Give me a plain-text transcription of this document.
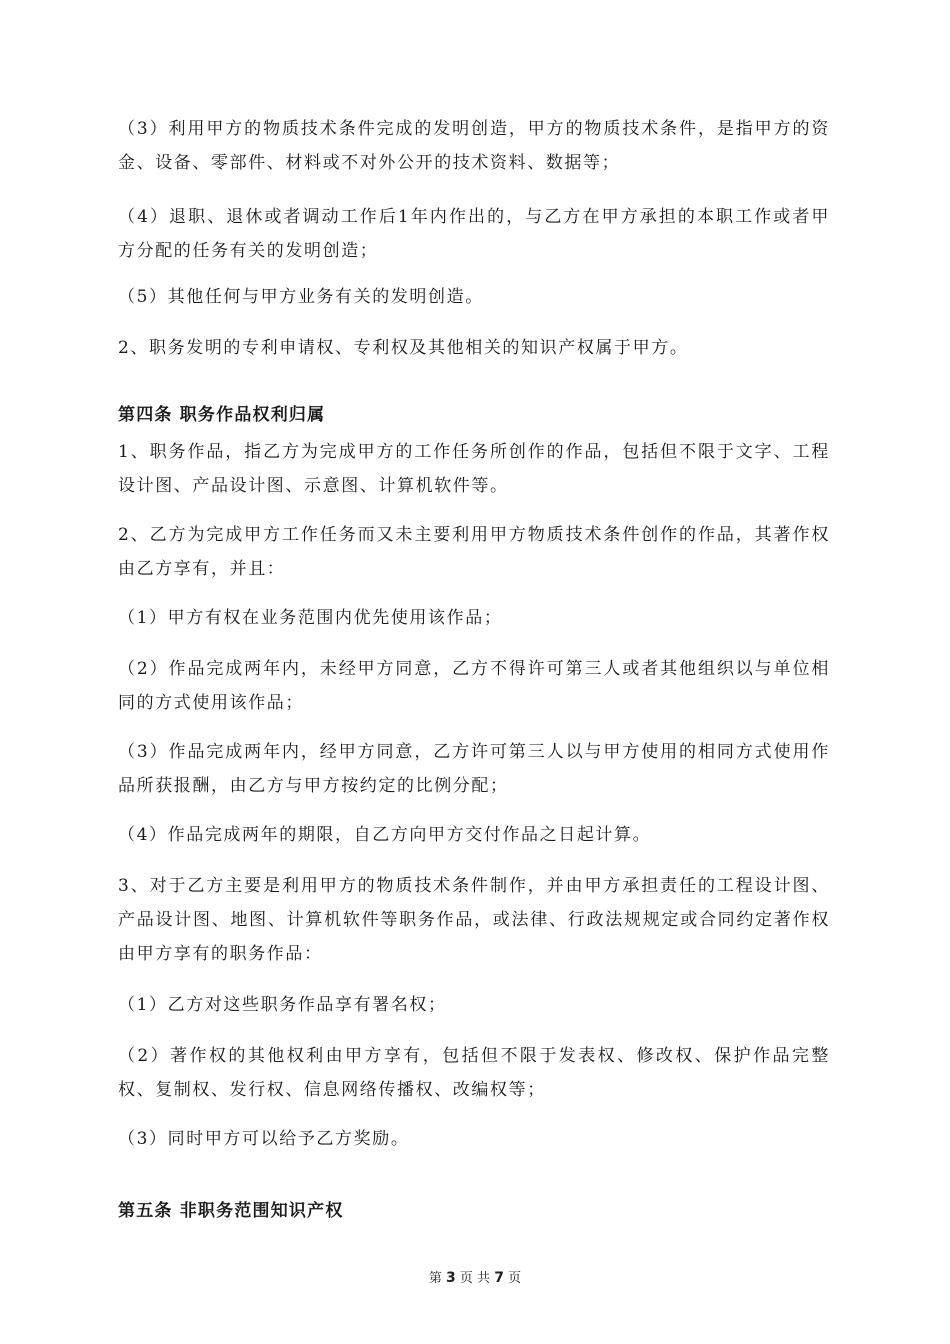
（3）利用甲方的物质技术条件完成的发明创造，甲方的物质技术条件，是指甲方的资金、设备、零部件、材料或不对外公开的技术资料、数据等；

（4）退职、退休或者调动工作后1年内作出的，与乙方在甲方承担的本职工作或者甲方分配的任务有关的发明创造；

（5）其他任何与甲方业务有关的发明创造。

2、职务发明的专利申请权、专利权及其他相关的知识产权属于甲方。

第四条 职务作品权利归属

1、职务作品，指乙方为完成甲方的工作任务所创作的作品，包括但不限于文字、工程设计图、产品设计图、示意图、计算机软件等。

2、乙方为完成甲方工作任务而又未主要利用甲方物质技术条件创作的作品，其著作权由乙方享有，并且：

（1）甲方有权在业务范围内优先使用该作品；

（2）作品完成两年内，未经甲方同意，乙方不得许可第三人或者其他组织以与单位相同的方式使用该作品；

（3）作品完成两年内，经甲方同意，乙方许可第三人以与甲方使用的相同方式使用作品所获报酬，由乙方与甲方按约定的比例分配；

（4）作品完成两年的期限，自乙方向甲方交付作品之日起计算。

3、对于乙方主要是利用甲方的物质技术条件制作，并由甲方承担责任的工程设计图、产品设计图、地图、计算机软件等职务作品，或法律、行政法规规定或合同约定著作权由甲方享有的职务作品：

（1）乙方对这些职务作品享有署名权；

（2）著作权的其他权利由甲方享有，包括但不限于发表权、修改权、保护作品完整权、复制权、发行权、信息网络传播权、改编权等；

（3）同时甲方可以给予乙方奖励。

第五条 非职务范围知识产权
第 3 页 共 7 页
